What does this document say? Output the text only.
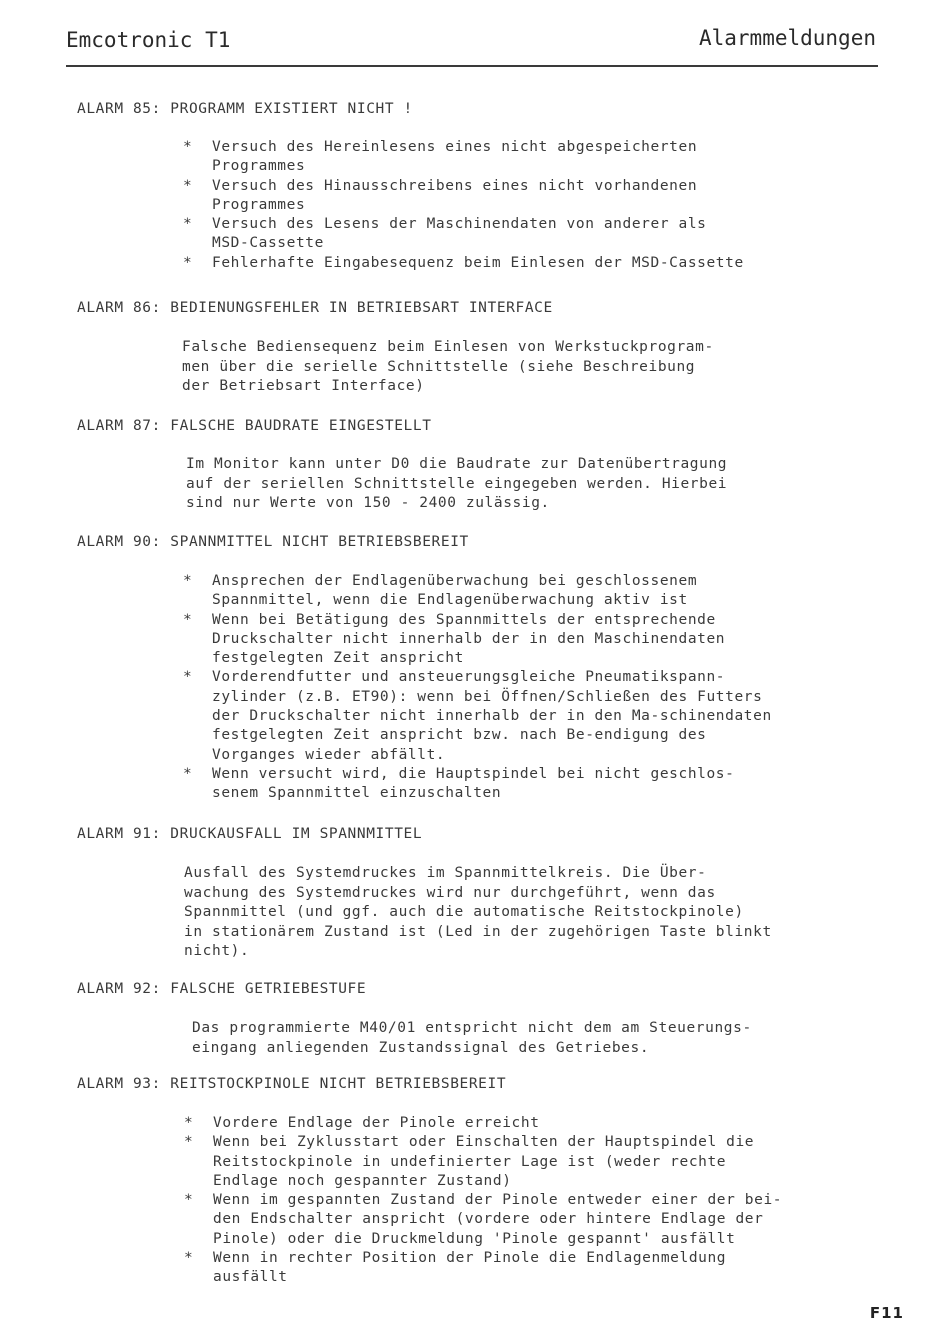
Emcotronic T1	Alarmmeldungen
ALARM 85: PROGRAMM EXISTIERT NICHT !
* Versuch des Hereinlesens eines nicht abgespeicherten Programmes
* Versuch des Hinausschreibens eines nicht vorhandenen Programmes
* Versuch des Lesens der Maschinendaten von anderer als MSD-Cassette
* Fehlerhafte Eingabesequenz beim Einlesen der MSD-Cassette
ALARM 86: BEDIENUNGSFEHLER IN BETRIEBSART INTERFACE
Falsche Bediensequenz beim Einlesen von Werkstuckprogram-
men über die serielle Schnittstelle (siehe Beschreibung
der Betriebsart Interface)
ALARM 87: FALSCHE BAUDRATE EINGESTELLT
Im Monitor kann unter D0 die Baudrate zur Datenübertragung
auf der seriellen Schnittstelle eingegeben werden. Hierbei
sind nur Werte von 150 - 2400 zulässig.
ALARM 90: SPANNMITTEL NICHT BETRIEBSBEREIT
* Ansprechen der Endlagenüberwachung bei geschlossenem Spannmittel, wenn die Endlagenüberwachung aktiv ist
* Wenn bei Betätigung des Spannmittels der entsprechende Druckschalter nicht innerhalb der in den Maschinendaten festgelegten Zeit anspricht
* Vorderendfutter und ansteuerungsgleiche Pneumatikspann-zylinder (z.B. ET90): wenn bei Öffnen/Schließen des Futters der Druckschalter nicht innerhalb der in den Ma-schinendaten festgelegten Zeit anspricht bzw. nach Be-endigung des Vorganges wieder abfällt.
* Wenn versucht wird, die Hauptspindel bei nicht geschlos-senem Spannmittel einzuschalten
ALARM 91: DRUCKAUSFALL IM SPANNMITTEL
Ausfall des Systemdruckes im Spannmittelkreis. Die Über-
wachung des Systemdruckes wird nur durchgeführt, wenn das
Spannmittel (und ggf. auch die automatische Reitstockpinole)
in stationärem Zustand ist (Led in der zugehörigen Taste blinkt
nicht).
ALARM 92: FALSCHE GETRIEBESTUFE
Das programmierte M40/01 entspricht nicht dem am Steuerungs-
eingang anliegenden Zustandssignal des Getriebes.
ALARM 93: REITSTOCKPINOLE NICHT BETRIEBSBEREIT
* Vordere Endlage der Pinole erreicht
* Wenn bei Zyklusstart oder Einschalten der Hauptspindel die Reitstockpinole in undefinierter Lage ist (weder rechte Endlage noch gespannter Zustand)
* Wenn im gespannten Zustand der Pinole entweder einer der bei-den Endschalter anspricht (vordere oder hintere Endlage der Pinole) oder die Druckmeldung 'Pinole gespannt' ausfällt
* Wenn in rechter Position der Pinole die Endlagenmeldung ausfällt
F11
